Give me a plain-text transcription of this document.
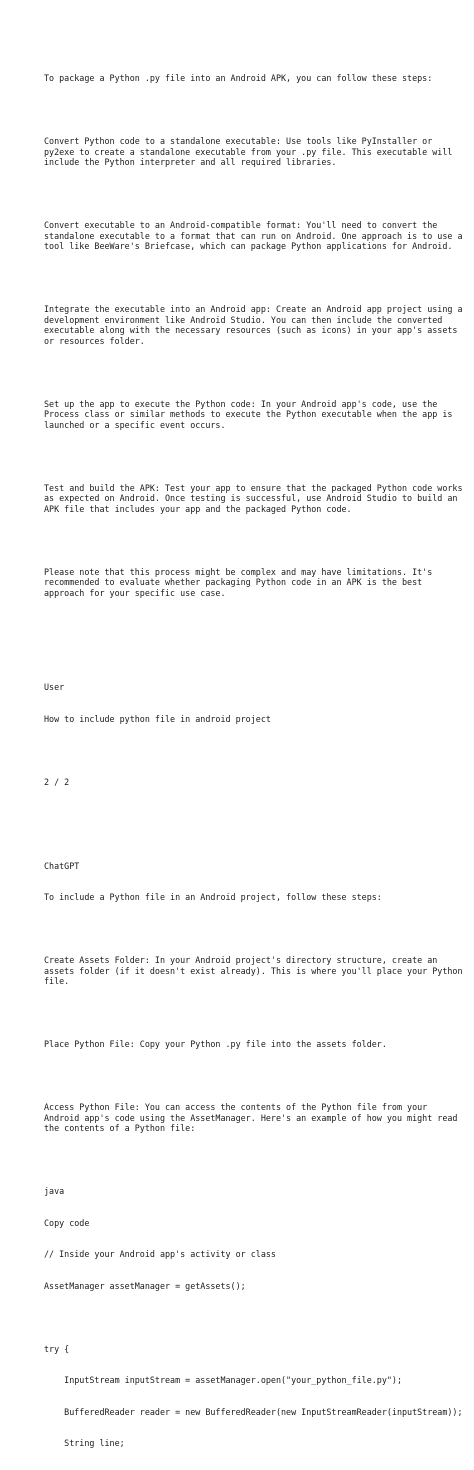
To package a Python .py file into an Android APK, you can follow these steps:

Convert Python code to a standalone executable: Use tools like PyInstaller or
py2exe to create a standalone executable from your .py file. This executable will
include the Python interpreter and all required libraries.

Convert executable to an Android-compatible format: You'll need to convert the
standalone executable to a format that can run on Android. One approach is to use a
tool like BeeWare's Briefcase, which can package Python applications for Android.

Integrate the executable into an Android app: Create an Android app project using a
development environment like Android Studio. You can then include the converted
executable along with the necessary resources (such as icons) in your app's assets
or resources folder.

Set up the app to execute the Python code: In your Android app's code, use the
Process class or similar methods to execute the Python executable when the app is
launched or a specific event occurs.

Test and build the APK: Test your app to ensure that the packaged Python code works
as expected on Android. Once testing is successful, use Android Studio to build an
APK file that includes your app and the packaged Python code.

Please note that this process might be complex and may have limitations. It's
recommended to evaluate whether packaging Python code in an APK is the best
approach for your specific use case.

User

How to include python file in android project

2 / 2

ChatGPT

To include a Python file in an Android project, follow these steps:

Create Assets Folder: In your Android project's directory structure, create an
assets folder (if it doesn't exist already). This is where you'll place your Python
file.

Place Python File: Copy your Python .py file into the assets folder.

Access Python File: You can access the contents of the Python file from your
Android app's code using the AssetManager. Here's an example of how you might read
the contents of a Python file:

java

Copy code

// Inside your Android app's activity or class

AssetManager assetManager = getAssets();

try {

InputStream inputStream = assetManager.open("your_python_file.py");

BufferedReader reader = new BufferedReader(new InputStreamReader(inputStream));

String line;
